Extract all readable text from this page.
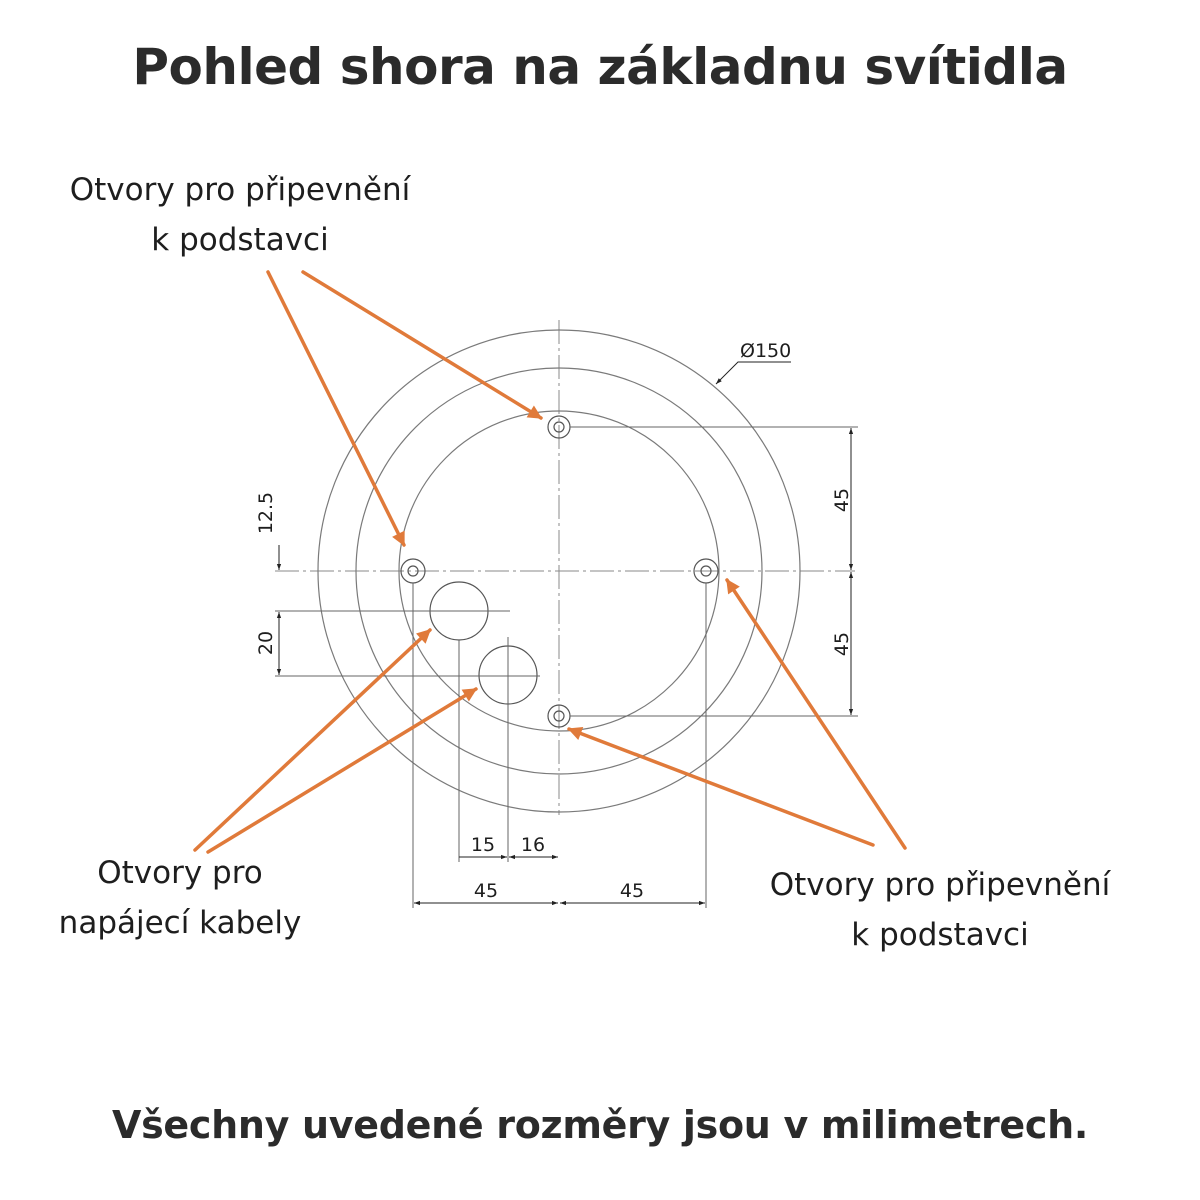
Pohled shora na základnu svítidla
Otvory pro připevnění
k podstavci
Otvory pro
napájecí kabely
Otvory pro připevnění
k podstavci
Ø150
45
45
12.5
20
15 16
45	45
Všechny uvedené rozměry jsou v milimetrech.
